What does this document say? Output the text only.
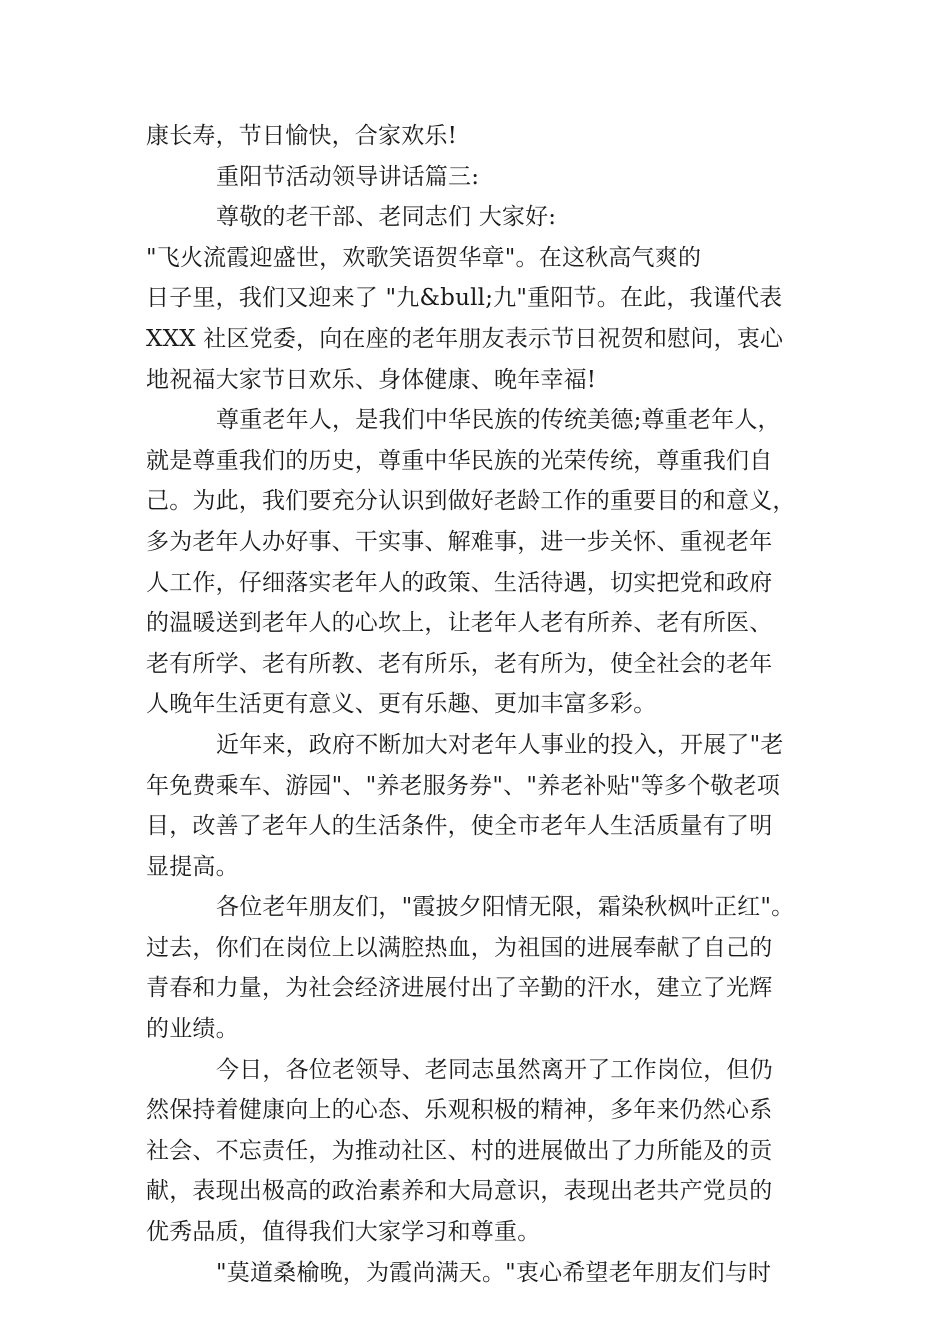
康长寿，节日愉快，合家欢乐!
重阳节活动领导讲话篇三:
尊敬的老干部、老同志们 大家好:
"飞火流霞迎盛世，欢歌笑语贺华章"。在这秋高气爽的
日子里，我们又迎来了 "九&bull;九"重阳节。在此，我谨代表
XXX 社区党委，向在座的老年朋友表示节日祝贺和慰问，衷心
地祝福大家节日欢乐、身体健康、晚年幸福!
尊重老年人，是我们中华民族的传统美德;尊重老年人，
就是尊重我们的历史，尊重中华民族的光荣传统，尊重我们自
己。为此，我们要充分认识到做好老龄工作的重要目的和意义，
多为老年人办好事、干实事、解难事，进一步关怀、重视老年
人工作，仔细落实老年人的政策、生活待遇，切实把党和政府
的温暖送到老年人的心坎上，让老年人老有所养、老有所医、
老有所学、老有所教、老有所乐，老有所为，使全社会的老年
人晚年生活更有意义、更有乐趣、更加丰富多彩。
近年来，政府不断加大对老年人事业的投入，开展了"老
年免费乘车、游园"、"养老服务券"、"养老补贴"等多个敬老项
目，改善了老年人的生活条件，使全市老年人生活质量有了明
显提高。
各位老年朋友们，"霞披夕阳情无限，霜染秋枫叶正红"。
过去，你们在岗位上以满腔热血，为祖国的进展奉献了自己的
青春和力量，为社会经济进展付出了辛勤的汗水，建立了光辉
的业绩。
今日，各位老领导、老同志虽然离开了工作岗位，但仍
然保持着健康向上的心态、乐观积极的精神，多年来仍然心系
社会、不忘责任，为推动社区、村的进展做出了力所能及的贡
献，表现出极高的政治素养和大局意识，表现出老共产党员的
优秀品质，值得我们大家学习和尊重。
"莫道桑榆晚，为霞尚满天。"衷心希望老年朋友们与时
